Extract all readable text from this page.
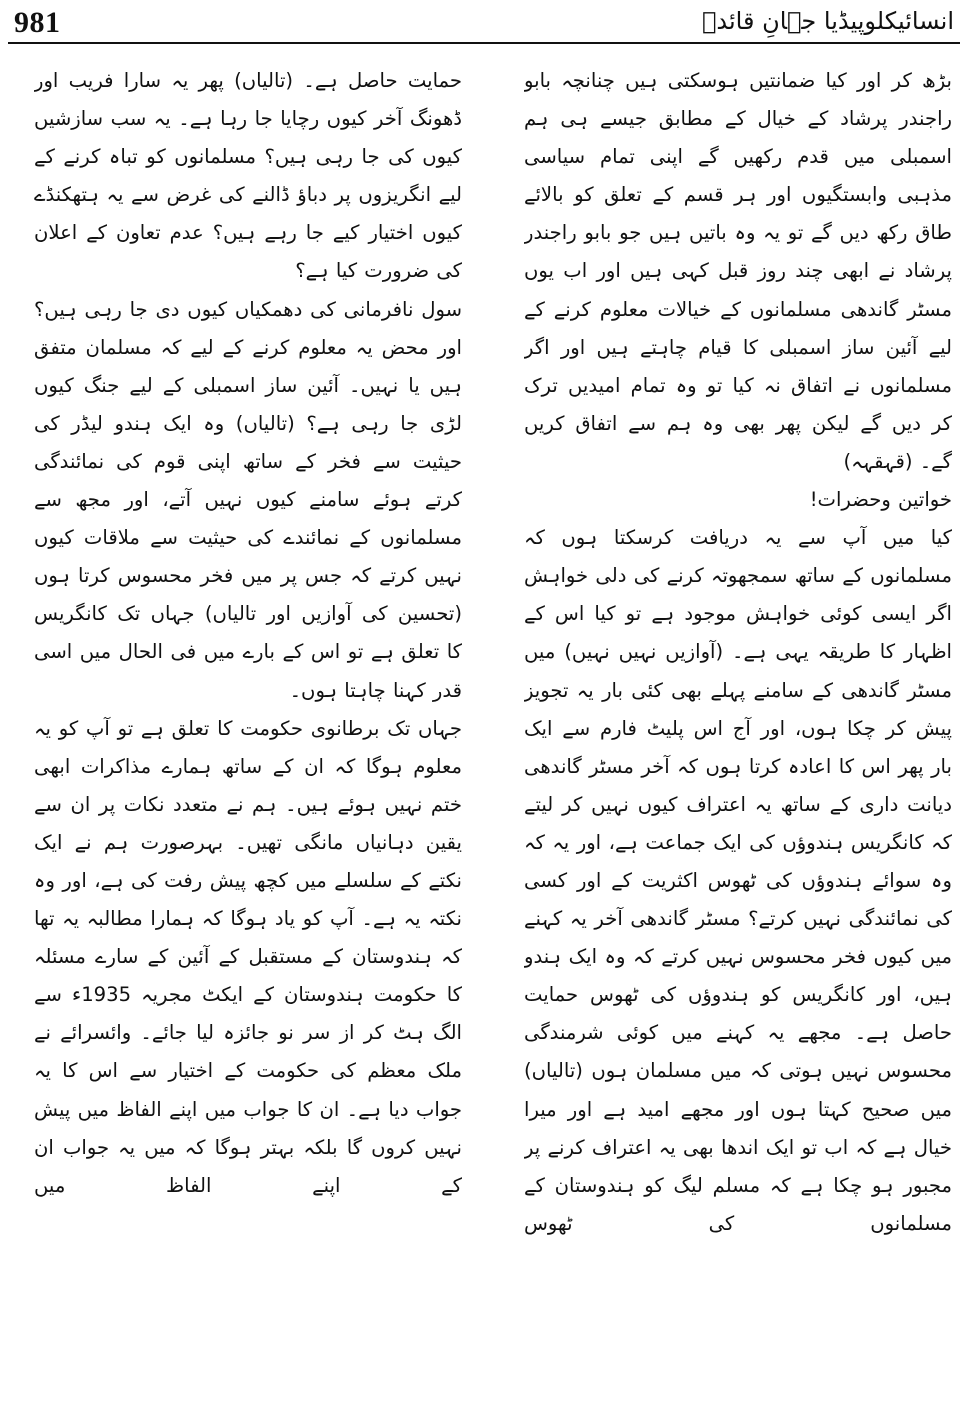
981	انسائیکلوپیڈیا جہانِ قائدؒ

بڑھ کر اور کیا ضمانتیں ہوسکتی ہیں چنانچہ بابو راجندر پرشاد کے خیال کے مطابق جیسے ہی ہم اسمبلی میں قدم رکھیں گے اپنی تمام سیاسی مذہبی وابستگیوں اور ہر قسم کے تعلق کو بالائے طاق رکھ دیں گے تو یہ وہ باتیں ہیں جو بابو راجندر پرشاد نے ابھی چند روز قبل کہی ہیں اور اب یوں مسٹر گاندھی مسلمانوں کے خیالات معلوم کرنے کے لیے آئین ساز اسمبلی کا قیام چاہتے ہیں اور اگر مسلمانوں نے اتفاق نہ کیا تو وہ تمام امیدیں ترک کر دیں گے لیکن پھر بھی وہ ہم سے اتفاق کریں گے۔ (قہقہہ)

خواتین وحضرات!

کیا میں آپ سے یہ دریافت کرسکتا ہوں کہ مسلمانوں کے ساتھ سمجھوتہ کرنے کی دلی خواہش اگر ایسی کوئی خواہش موجود ہے تو کیا اس کے اظہار کا طریقہ یہی ہے۔ (آوازیں نہیں نہیں) میں مسٹر گاندھی کے سامنے پہلے بھی کئی بار یہ تجویز پیش کر چکا ہوں، اور آج اس پلیٹ فارم سے ایک بار پھر اس کا اعادہ کرتا ہوں کہ آخر مسٹر گاندھی دیانت داری کے ساتھ یہ اعتراف کیوں نہیں کر لیتے کہ کانگریس ہندوؤں کی ایک جماعت ہے، اور یہ کہ وہ سوائے ہندوؤں کی ٹھوس اکثریت کے اور کسی کی نمائندگی نہیں کرتے؟ مسٹر گاندھی آخر یہ کہنے میں کیوں فخر محسوس نہیں کرتے کہ وہ ایک ہندو ہیں، اور کانگریس کو ہندوؤں کی ٹھوس حمایت حاصل ہے۔ مجھے یہ کہنے میں کوئی شرمندگی محسوس نہیں ہوتی کہ میں مسلمان ہوں (تالیاں) میں صحیح کہتا ہوں اور مجھے امید ہے اور میرا خیال ہے کہ اب تو ایک اندھا بھی یہ اعتراف کرنے پر مجبور ہو چکا ہے کہ مسلم لیگ کو ہندوستان کے مسلمانوں کی ٹھوس

حمایت حاصل ہے۔ (تالیاں) پھر یہ سارا فریب اور ڈھونگ آخر کیوں رچایا جا رہا ہے۔ یہ سب سازشیں کیوں کی جا رہی ہیں؟ مسلمانوں کو تباہ کرنے کے لیے انگریزوں پر دباؤ ڈالنے کی غرض سے یہ ہتھکنڈے کیوں اختیار کیے جا رہے ہیں؟ عدم تعاون کے اعلان کی ضرورت کیا ہے؟

سول نافرمانی کی دھمکیاں کیوں دی جا رہی ہیں؟ اور محض یہ معلوم کرنے کے لیے کہ مسلمان متفق ہیں یا نہیں۔ آئین ساز اسمبلی کے لیے جنگ کیوں لڑی جا رہی ہے؟ (تالیاں) وہ ایک ہندو لیڈر کی حیثیت سے فخر کے ساتھ اپنی قوم کی نمائندگی کرتے ہوئے سامنے کیوں نہیں آتے، اور مجھ سے مسلمانوں کے نمائندے کی حیثیت سے ملاقات کیوں نہیں کرتے کہ جس پر میں فخر محسوس کرتا ہوں (تحسین کی آوازیں اور تالیاں) جہاں تک کانگریس کا تعلق ہے تو اس کے بارے میں فی الحال میں اسی قدر کہنا چاہتا ہوں۔

جہاں تک برطانوی حکومت کا تعلق ہے تو آپ کو یہ معلوم ہوگا کہ ان کے ساتھ ہمارے مذاکرات ابھی ختم نہیں ہوئے ہیں۔ ہم نے متعدد نکات پر ان سے یقین دہانیاں مانگی تھیں۔ بہرصورت ہم نے ایک نکتے کے سلسلے میں کچھ پیش رفت کی ہے، اور وہ نکتہ یہ ہے۔ آپ کو یاد ہوگا کہ ہمارا مطالبہ یہ تھا کہ ہندوستان کے مستقبل کے آئین کے سارے مسئلہ کا حکومت ہندوستان کے ایکٹ مجریہ 1935ء سے الگ ہٹ کر از سر نو جائزہ لیا جائے۔ وائسرائے نے ملک معظم کی حکومت کے اختیار سے اس کا یہ جواب دیا ہے۔ ان کا جواب میں اپنے الفاظ میں پیش نہیں کروں گا بلکہ بہتر ہوگا کہ میں یہ جواب ان کے اپنے الفاظ میں
